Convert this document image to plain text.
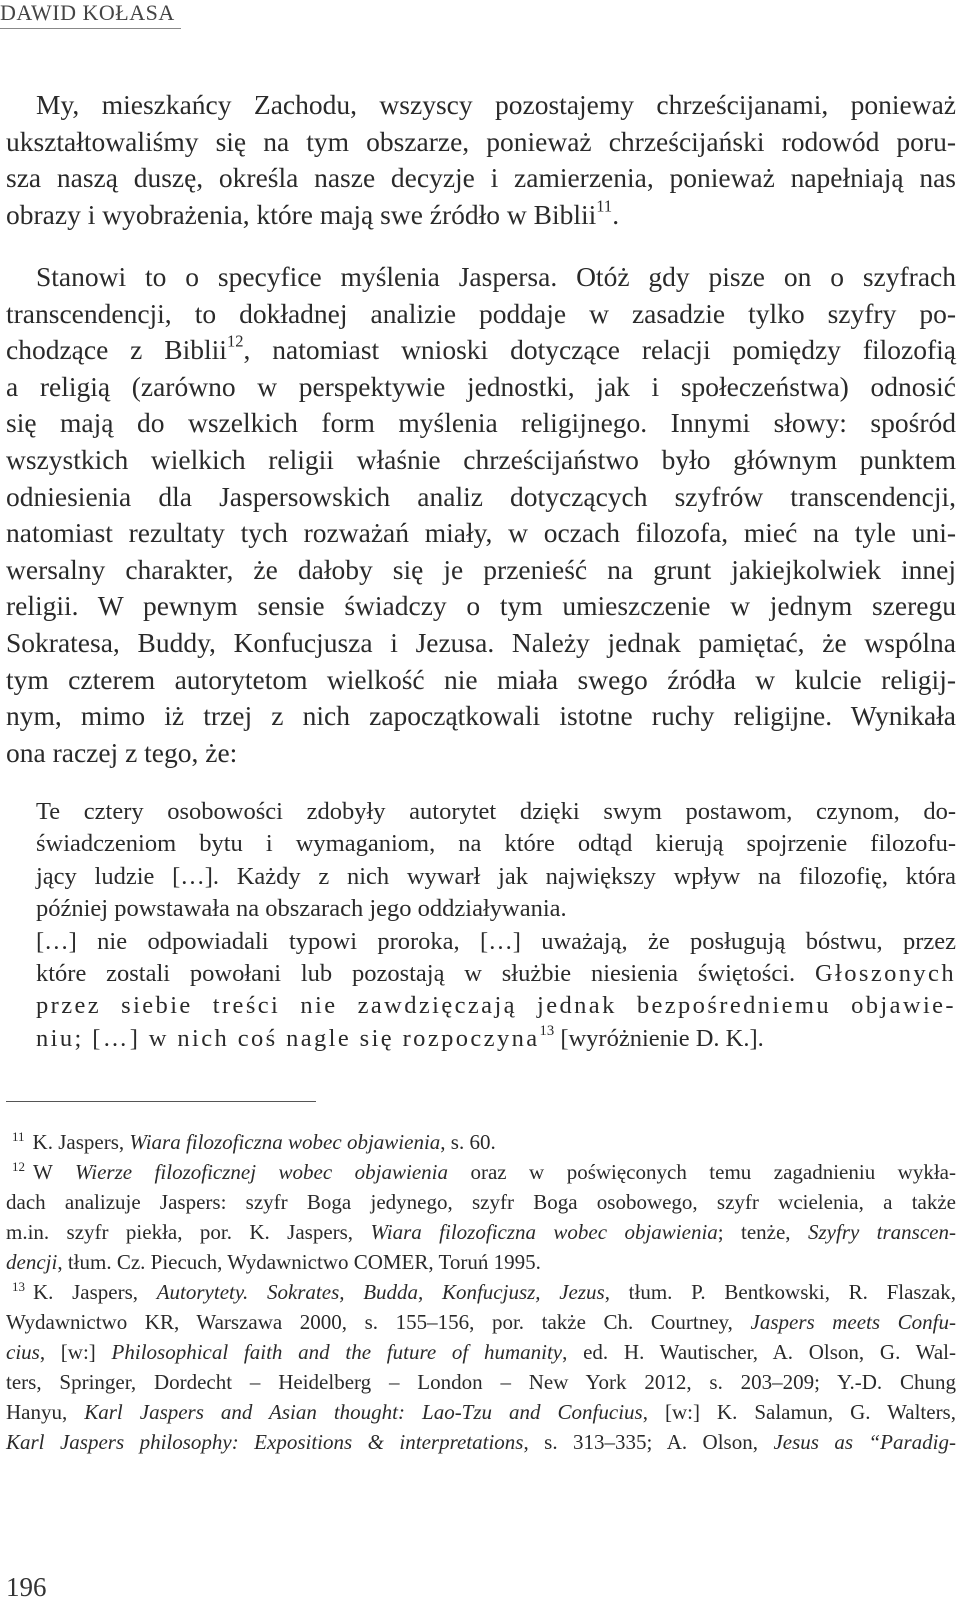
DAWID KOŁASA
My, mieszkańcy Zachodu, wszyscy pozostajemy chrześcijanami, ponieważ
ukształtowaliśmy się na tym obszarze, ponieważ chrześcijański rodowód poru-
sza naszą duszę, określa nasze decyzje i zamierzenia, ponieważ napełniają nas
obrazy i wyobrażenia, które mają swe źródło w Biblii$^{11}$.
Stanowi to o specyfice myślenia Jaspersa. Otóż gdy pisze on o szyfrach
transcendencji, to dokładnej analizie poddaje w zasadzie tylko szyfry po-
chodzące z Biblii$^{12}$, natomiast wnioski dotyczące relacji pomiędzy filozofią
a religią (zarówno w perspektywie jednostki, jak i społeczeństwa) odnosić
się mają do wszelkich form myślenia religijnego. Innymi słowy: spośród
wszystkich wielkich religii właśnie chrześcijaństwo było głównym punktem
odniesienia dla Jaspersowskich analiz dotyczących szyfrów transcendencji,
natomiast rezultaty tych rozważań miały, w oczach filozofa, mieć na tyle uni-
wersalny charakter, że dałoby się je przenieść na grunt jakiejkolwiek innej
religii. W pewnym sensie świadczy o tym umieszczenie w jednym szeregu
Sokratesa, Buddy, Konfucjusza i Jezusa. Należy jednak pamiętać, że wspólna
tym czterem autorytetom wielkość nie miała swego źródła w kulcie religij-
nym, mimo iż trzej z nich zapoczątkowali istotne ruchy religijne. Wynikała
ona raczej z tego, że:
Te cztery osobowości zdobyły autorytet dzięki swym postawom, czynom, do-
świadczeniom bytu i wymaganiom, na które odtąd kierują spojrzenie filozofu-
jący ludzie […]. Każdy z nich wywarł jak największy wpływ na filozofię, która
później powstawała na obszarach jego oddziaływania.
[…] nie odpowiadali typowi proroka, […] uważają, że posługują bóstwu, przez
które zostali powołani lub pozostają w służbie niesienia świętości. Głoszonych
przez siebie treści nie zawdzięczają jednak bezpośredniemu objawie-
niu; […] w nich coś nagle się rozpoczyna$^{13}$ [wyróżnienie D. K.].
$^{11}$ K. Jaspers, Wiara filozoficzna wobec objawienia, s. 60.
$^{12}$ W Wierze filozoficznej wobec objawienia oraz w poświęconych temu zagadnieniu wykła-
dach analizuje Jaspers: szyfr Boga jedynego, szyfr Boga osobowego, szyfr wcielenia, a także
m.in. szyfr piekła, por. K. Jaspers, Wiara filozoficzna wobec objawienia; tenże, Szyfry transcen-
dencji, tłum. Cz. Piecuch, Wydawnictwo COMER, Toruń 1995.
$^{13}$ K. Jaspers, Autorytety. Sokrates, Budda, Konfucjusz, Jezus, tłum. P. Bentkowski, R. Flaszak,
Wydawnictwo KR, Warszawa 2000, s. 155–156, por. także Ch. Courtney, Jaspers meets Confu-
cius, [w:] Philosophical faith and the future of humanity, ed. H. Wautischer, A. Olson, G. Wal-
ters, Springer, Dordecht – Heidelberg – London – New York 2012, s. 203–209; Y.-D. Chung
Hanyu, Karl Jaspers and Asian thought: Lao-Tzu and Confucius, [w:] K. Salamun, G. Walters,
Karl Jaspers philosophy: Expositions & interpretations, s. 313–335; A. Olson, Jesus as “Paradig-
196
